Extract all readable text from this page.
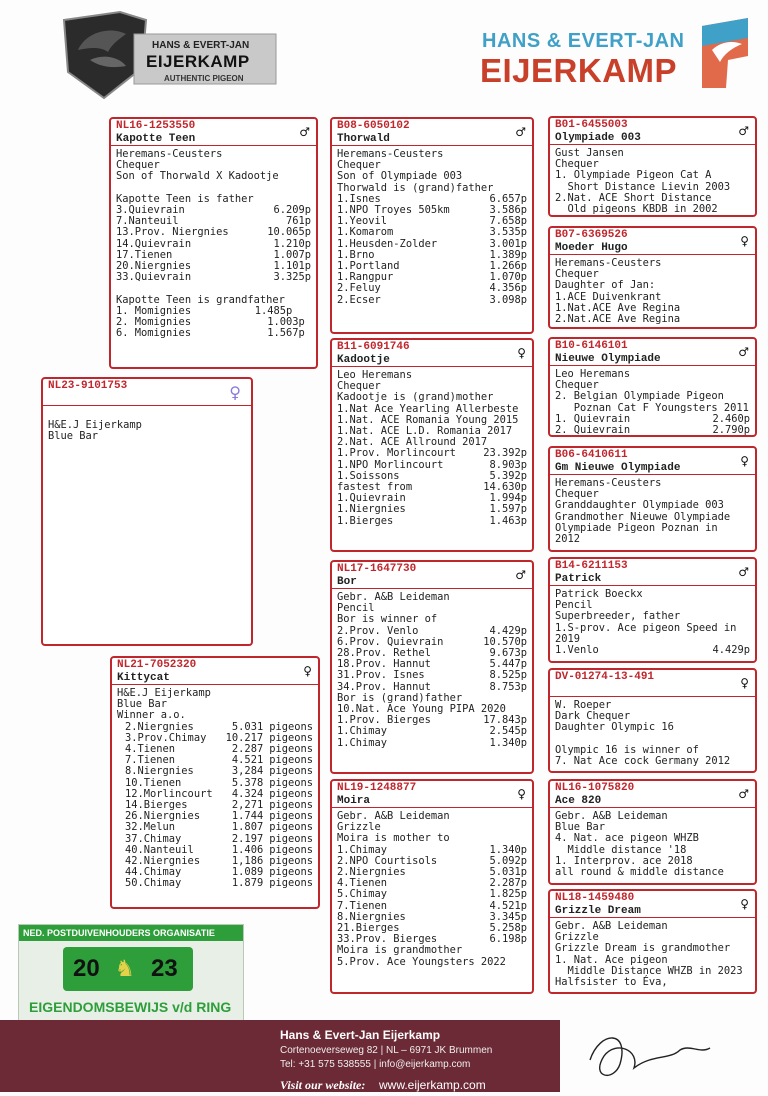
HANS & EVERT-JAN
EIJERKAMP
AUTHENTIC PIGEON
HANS & EVERT-JAN
EIJERKAMP
NL23-9101753	♀
H&E.J Eijerkamp
Blue Bar
NL16-1253550
Kapotte Teen	♂
Heremans-Ceusters
Chequer
Son of Thorwald X Kadootje
Kapotte Teen is father
3.Quievrain	6.209p
7.Nanteuil	761p
13.Prov. Niergnies	10.065p
14.Quievrain	1.210p
17.Tienen	1.007p
20.Niergnies	1.101p
33.Quievrain	3.325p
Kapotte Teen is grandfather
1. Momignies	1.485p
2. Momignies	1.003p
6. Momignies	1.567p
B08-6050102
Thorwald	♂
Heremans-Ceusters
Chequer
Son of Olympiade 003
Thorwald is (grand)father
1.Isnes	6.657p
1.NPO Troyes 505km	3.586p
1.Yeovil	7.658p
1.Komarom	3.535p
1.Heusden-Zolder	3.001p
1.Brno	1.389p
1.Portland	1.266p
1.Rangpur	1.070p
2.Feluy	4.356p
2.Ecser	3.098p
B01-6455003
Olympiade 003	♂
Gust Jansen
Chequer
1. Olympiade Pigeon Cat A
Short Distance Lievin 2003
2.Nat. ACE Short Distance
Old pigeons KBDB in 2002
B07-6369526
Moeder Hugo	♀
Heremans-Ceusters
Chequer
Daughter of Jan:
1.ACE Duivenkrant
1.Nat.ACE Ave Regina
2.Nat.ACE Ave Regina
B11-6091746
Kadootje	♀
Leo Heremans
Chequer
Kadootje is (grand)mother
1.Nat Ace Yearling Allerbeste
1.Nat. ACE Romania Young 2015
1.Nat. ACE L.D. Romania 2017
2.Nat. ACE Allround 2017
1.Prov. Morlincourt	23.392p
1.NPO Morlincourt	8.903p
1.Soissons	5.392p
fastest from	14.630p
1.Quievrain	1.994p
1.Niergnies	1.597p
1.Bierges	1.463p
B10-6146101
Nieuwe Olympiade	♂
Leo Heremans
Chequer
2. Belgian Olympiade Pigeon
Poznan Cat F Youngsters 2011
1. Quievrain	2.460p
2. Quievrain	2.790p
B06-6410611
Gm Nieuwe Olympiade	♀
Heremans-Ceusters
Chequer
Granddaughter Olympiade 003
Grandmother Nieuwe Olympiade
Olympiade Pigeon Poznan in
2012
NL17-1647730
Bor	♂
Gebr. A&B Leideman
Pencil
Bor is winner of
2.Prov. Venlo	4.429p
6.Prov. Quievrain	10.570p
28.Prov. Rethel	9.673p
18.Prov. Hannut	5.447p
31.Prov. Isnes	8.525p
34.Prov. Hannut	8.753p
Bor is (grand)father
10.Nat. Ace Young PIPA 2020
1.Prov. Bierges	17.843p
1.Chimay	2.545p
1.Chimay	1.340p
B14-6211153
Patrick	♂
Patrick Boeckx
Pencil
Superbreeder, father
1.S-prov. Ace pigeon Speed in
2019
1.Venlo	4.429p
DV-01274-13-491	♀
W. Roeper
Dark Chequer
Daughter Olympic 16
Olympic 16 is winner of
7. Nat Ace cock Germany 2012
NL21-7052320
Kittycat	♀
H&E.J Eijerkamp
Blue Bar
Winner a.o.
2.Niergnies	5.031 pigeons
3.Prov.Chimay	10.217 pigeons
4.Tienen	2.287 pigeons
7.Tienen	4.521 pigeons
8.Niergnies	3,284 pigeons
10.Tienen	5.378 pigeons
12.Morlincourt	4.324 pigeons
14.Bierges	2,271 pigeons
26.Niergnies	1.744 pigeons
32.Melun	1.807 pigeons
37.Chimay	2.197 pigeons
40.Nanteuil	1.406 pigeons
42.Niergnies	1,186 pigeons
44.Chimay	1.089 pigeons
50.Chimay	1.879 pigeons
NL19-1248877
Moira	♀
Gebr. A&B Leideman
Grizzle
Moira is mother to
1.Chimay	1.340p
2.NPO Courtisols	5.092p
2.Niergnies	5.031p
4.Tienen	2.287p
5.Chimay	1.825p
7.Tienen	4.521p
8.Niergnies	3.345p
21.Bierges	5.258p
33.Prov. Bierges	6.198p
Moira is grandmother
5.Prov. Ace Youngsters 2022
NL16-1075820
Ace 820	♂
Gebr. A&B Leideman
Blue Bar
4. Nat. ace pigeon WHZB
Middle distance '18
1. Interprov. ace 2018
all round & middle distance
NL18-1459480
Grizzle Dream	♀
Gebr. A&B Leideman
Grizzle
Grizzle Dream is grandmother
1. Nat. Ace pigeon
Middle Distance WHZB in 2023
Halfsister to Éva,
NED. POSTDUIVENHOUDERS ORGANISATIE
20 ♞ 23
EIGENDOMSBEWIJS v/d RING
Hans & Evert-Jan Eijerkamp
Cortenoeverseweg 82 | NL – 6971 JK Brummen
Tel: +31 575 538555 | info@eijerkamp.com
Visit our website: www.eijerkamp.com
